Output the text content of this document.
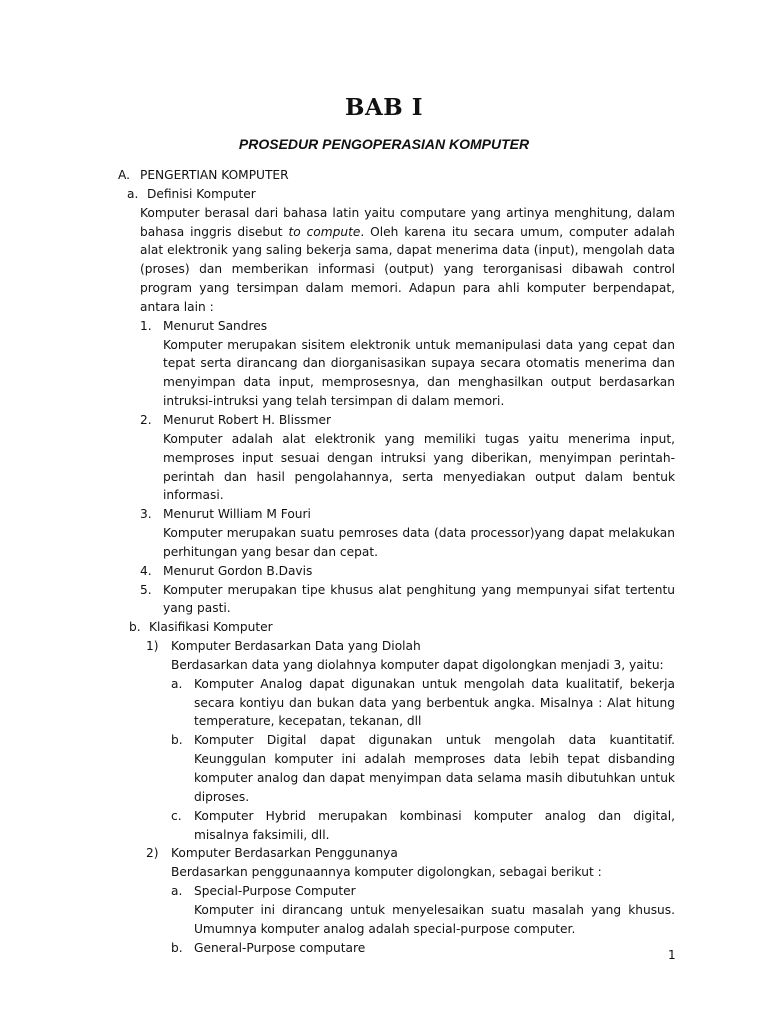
BAB I
PROSEDUR PENGOPERASIAN KOMPUTER
A. PENGERTIAN KOMPUTER
a. Definisi Komputer
Komputer berasal dari bahasa latin yaitu computare yang artinya menghitung, dalam bahasa inggris disebut to compute. Oleh karena itu secara umum, computer adalah alat elektronik yang saling bekerja sama, dapat menerima data (input), mengolah data (proses) dan memberikan informasi (output) yang terorganisasi dibawah control program yang tersimpan dalam memori. Adapun para ahli komputer berpendapat, antara lain :
1. Menurut Sandres
Komputer merupakan sisitem elektronik untuk memanipulasi data yang cepat dan tepat serta dirancang dan diorganisasikan supaya secara otomatis menerima dan menyimpan data input, memprosesnya, dan menghasilkan output berdasarkan intruksi-intruksi yang telah tersimpan di dalam memori.
2. Menurut Robert H. Blissmer
Komputer adalah alat elektronik yang memiliki tugas yaitu menerima input, memproses input sesuai dengan intruksi yang diberikan, menyimpan perintah-perintah dan hasil pengolahannya, serta menyediakan output dalam bentuk informasi.
3. Menurut William M Fouri
Komputer merupakan suatu pemroses data (data processor)yang dapat melakukan perhitungan yang besar dan cepat.
4. Menurut Gordon B.Davis
5. Komputer merupakan tipe khusus alat penghitung yang mempunyai sifat tertentu yang pasti.
b. Klasifikasi Komputer
1) Komputer Berdasarkan Data yang Diolah
Berdasarkan data yang diolahnya komputer dapat digolongkan menjadi 3, yaitu:
a. Komputer Analog dapat digunakan untuk mengolah data kualitatif, bekerja secara kontiyu dan bukan data yang berbentuk angka. Misalnya : Alat hitung temperature, kecepatan, tekanan, dll
b. Komputer Digital dapat digunakan untuk mengolah data kuantitatif. Keunggulan komputer ini adalah memproses data lebih tepat disbanding komputer analog dan dapat menyimpan data selama masih dibutuhkan untuk diproses.
c. Komputer Hybrid merupakan kombinasi komputer analog dan digital, misalnya faksimili, dll.
2) Komputer Berdasarkan Penggunanya
Berdasarkan penggunaannya komputer digolongkan, sebagai berikut :
a. Special-Purpose Computer
Komputer ini dirancang untuk menyelesaikan suatu masalah yang khusus. Umumnya komputer analog adalah special-purpose computer.
b. General-Purpose computare
1
